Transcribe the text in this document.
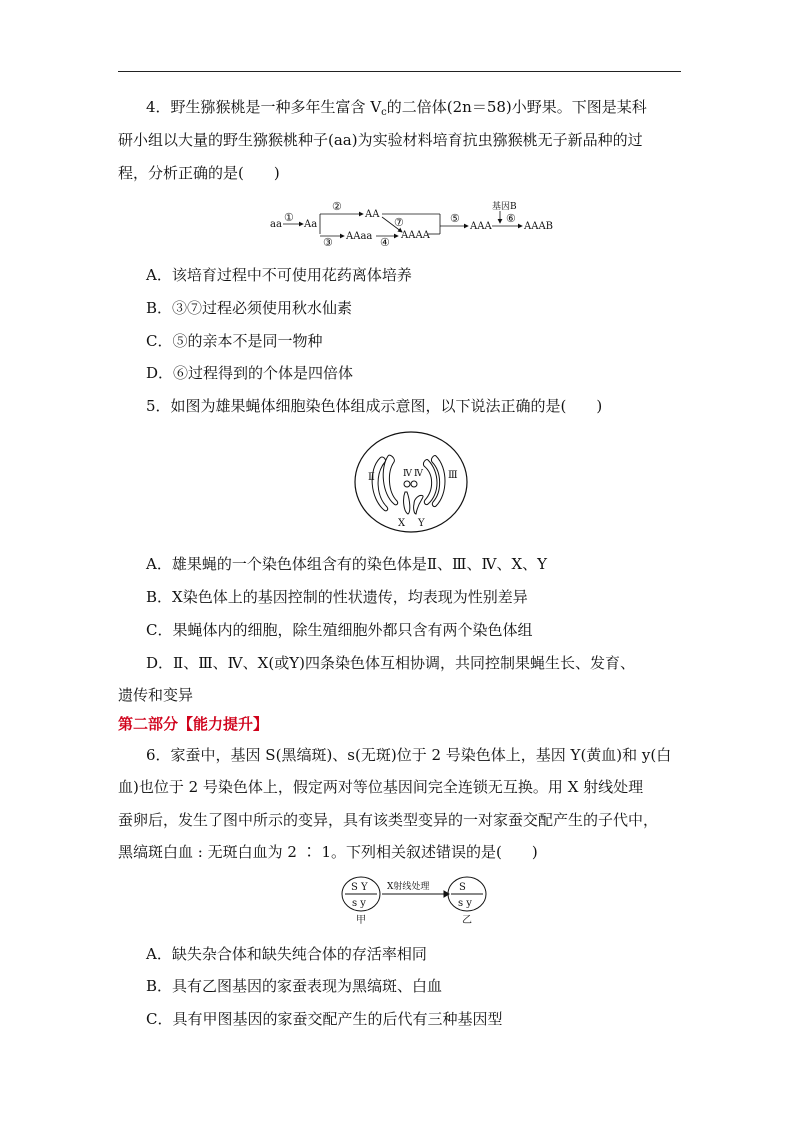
4．野生猕猴桃是一种多年生富含 $V_c$的二倍体(2n＝58)小野果。下图是某科
研小组以大量的野生猕猴桃种子(aa)为实验材料培育抗虫猕猴桃无子新品种的过
程，分析正确的是(　　)
aa
①
Aa
②
③
AA
AAaa
⑦
④
AAAA
⑤
AAA
基因B
⑥
AAAB
A．该培育过程中不可使用花药离体培养
B．③⑦过程必须使用秋水仙素
C．⑤的亲本不是同一物种
D．⑥过程得到的个体是四倍体
5．如图为雄果蝇体细胞染色体组成示意图，以下说法正确的是(　　)
Ⅱ	Ⅲ
Ⅳ Ⅳ
X Y
A．雄果蝇的一个染色体组含有的染色体是Ⅱ、Ⅲ、Ⅳ、X、Y
B．X染色体上的基因控制的性状遗传，均表现为性别差异
C．果蝇体内的细胞，除生殖细胞外都只含有两个染色体组
D．Ⅱ、Ⅲ、Ⅳ、X(或Y)四条染色体互相协调，共同控制果蝇生长、发育、
遗传和变异
第二部分【能力提升】
6．家蚕中，基因 S(黑缟斑)、s(无斑)位于 2 号染色体上，基因 Y(黄血)和 y(白
血)也位于 2 号染色体上，假定两对等位基因间完全连锁无互换。用 X 射线处理
蚕卵后，发生了图中所示的变异，具有该类型变异的一对家蚕交配产生的子代中，
黑缟斑白血 : 无斑白血为 2 ∶ 1。下列相关叙述错误的是(　　)
S Y
s y
甲
X射线处理	S
s y
乙
A．缺失杂合体和缺失纯合体的存活率相同
B．具有乙图基因的家蚕表现为黑缟斑、白血
C．具有甲图基因的家蚕交配产生的后代有三种基因型
